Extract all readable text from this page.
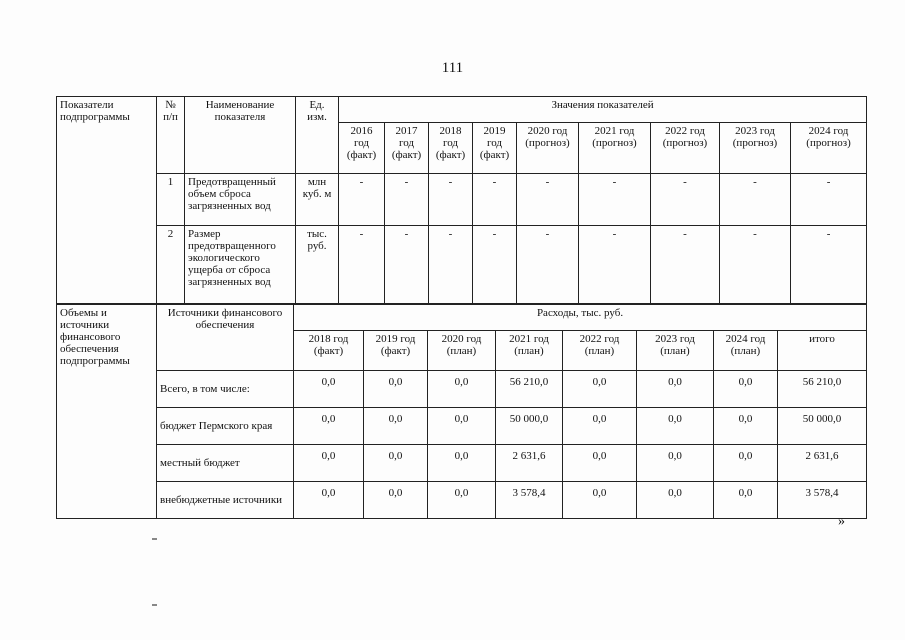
111
Показатели подпрограммы	№ п/п	Наименование показателя	Ед. изм.	Значения показателей								
				2016 год (факт)	2017 год (факт)	2018 год (факт)	2019 год (факт)	2020 год (прогноз)	2021 год (прогноз)	2022 год (прогноз)	2023 год (прогноз)	2024 год (прогноз)
	1	Предотвращенный объем сброса загрязненных вод	млн куб. м	-	-	-	-	-	-	-	-	-
	2	Размер предотвращенного экологического ущерба от сброса загрязненных вод	тыс. руб.	-	-	-	-	-	-	-	-	-
Объемы и источники финансового обеспечения подпрограммы	Источники финансового обеспечения	Расходы, тыс. руб.							
		2018 год (факт)	2019 год (факт)	2020 год (план)	2021 год (план)	2022 год (план)	2023 год (план)	2024 год (план)	итого
	Всего, в том числе:	0,0	0,0	0,0	56 210,0	0,0	0,0	0,0	56 210,0
	бюджет Пермского края	0,0	0,0	0,0	50 000,0	0,0	0,0	0,0	50 000,0
	местный бюджет	0,0	0,0	0,0	2 631,6	0,0	0,0	0,0	2 631,6
	внебюджетные источники	0,0	0,0	0,0	3 578,4	0,0	0,0	0,0	3 578,4
»
